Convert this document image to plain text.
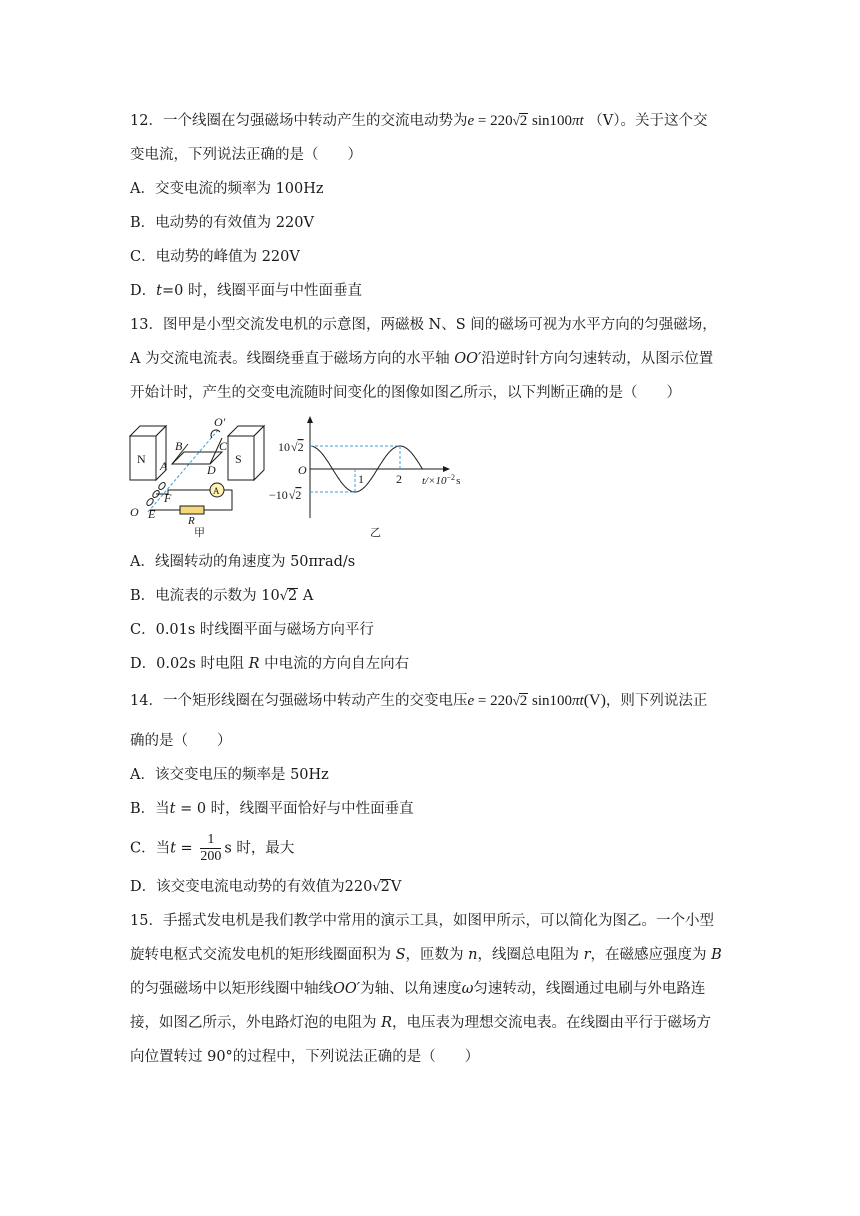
12．一个线圈在匀强磁场中转动产生的交流电动势为e = 220√2 sin100πt （V）。关于这个交
变电流，下列说法正确的是（　　）
A．交变电流的频率为 100Hz
B．电动势的有效值为 220V
C．电动势的峰值为 220V
D．t=0 时，线圈平面与中性面垂直
13．图甲是小型交流发电机的示意图，两磁极 N、S 间的磁场可视为水平方向的匀强磁场，
A 为交流电流表。线圈绕垂直于磁场方向的水平轴 OO′沿逆时针方向匀速转动，从图示位置
开始计时，产生的交变电流随时间变化的图像如图乙所示，以下判断正确的是（　　）
N	S
O′
B	C
A	D
F
O E
A
R
甲
10√2
O
−10√2
1	2 $t/\times 10^{-2}s$
乙
A．线圈转动的角速度为 50πrad/s
B．电流表的示数为 10√2 A
C．0.01s 时线圈平面与磁场方向平行
D．0.02s 时电阻 R 中电流的方向自左向右
14．一个矩形线圈在匀强磁场中转动产生的交变电压e = 220√2 sin100πt(V)，则下列说法正
确的是（　　）
A．该交变电压的频率是 50Hz
B．当t = 0 时，线圈平面恰好与中性面垂直
C．当$t = \frac{1}{200}$ s 时，最大
D．该交变电流电动势的有效值为220√2V
15．手摇式发电机是我们教学中常用的演示工具，如图甲所示，可以简化为图乙。一个小型
旋转电枢式交流发电机的矩形线圈面积为 S，匝数为 n，线圈总电阻为 r，在磁感应强度为 B
的匀强磁场中以矩形线圈中轴线OO′为轴、以角速度ω匀速转动，线圈通过电刷与外电路连
接，如图乙所示，外电路灯泡的电阻为 R，电压表为理想交流电表。在线圈由平行于磁场方
向位置转过 90°的过程中，下列说法正确的是（　　）
